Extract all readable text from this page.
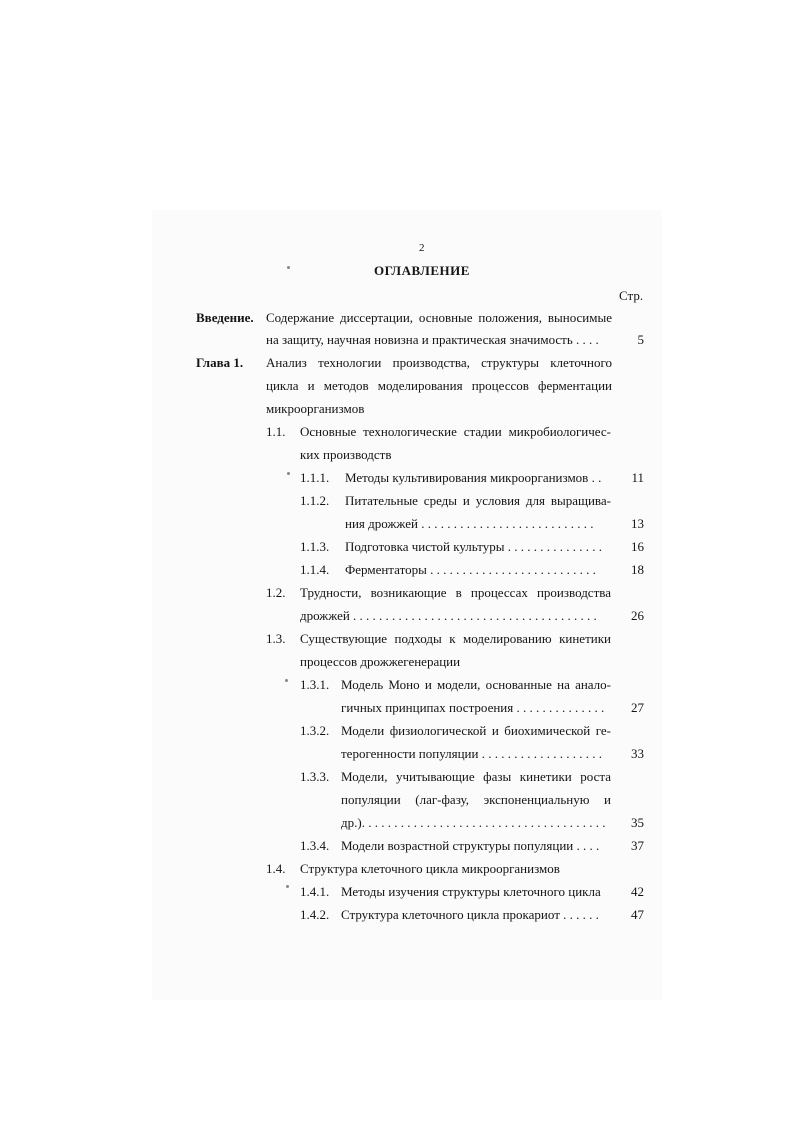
2
ОГЛАВЛЕНИЕ
Стр.
Введение. Содержание диссертации, основные положения, выносимые
на защиту, научная новизна и практическая значимость . . . .	5
Глава 1. Анализ технологии производства, структуры клеточного
цикла и методов моделирования процессов ферментации
микроорганизмов
1.1. Основные технологические стадии микробиологичес-
ких производств
1.1.1. Методы культивирования микроорганизмов . .	11
1.1.2. Питательные среды и условия для выращива-
ния дрожжей . . . . . . . . . . . . . . . . . . . . . . . . . . .	13
1.1.3. Подготовка чистой культуры . . . . . . . . . . . . . . .	16
1.1.4. Ферментаторы . . . . . . . . . . . . . . . . . . . . . . . . . .	18
1.2. Трудности, возникающие в процессах производства
дрожжей . . . . . . . . . . . . . . . . . . . . . . . . . . . . . . . . . . . . . .	26
1.3. Существующие подходы к моделированию кинетики
процессов дрожжегенерации
1.3.1. Модель Моно и модели, основанные на анало-
гичных принципах построения . . . . . . . . . . . . . .	27
1.3.2. Модели физиологической и биохимической ге-
терогенности популяции . . . . . . . . . . . . . . . . . . .	33
1.3.3. Модели, учитывающие фазы кинетики роста
популяции (лаг-фазу, экспоненциальную и
др.). . . . . . . . . . . . . . . . . . . . . . . . . . . . . . . . . . . . . .	35
1.3.4. Модели возрастной структуры популяции . . . .	37
1.4. Структура клеточного цикла микроорганизмов
1.4.1. Методы изучения структуры клеточного цикла	42
1.4.2. Структура клеточного цикла прокариот . . . . . .	47
